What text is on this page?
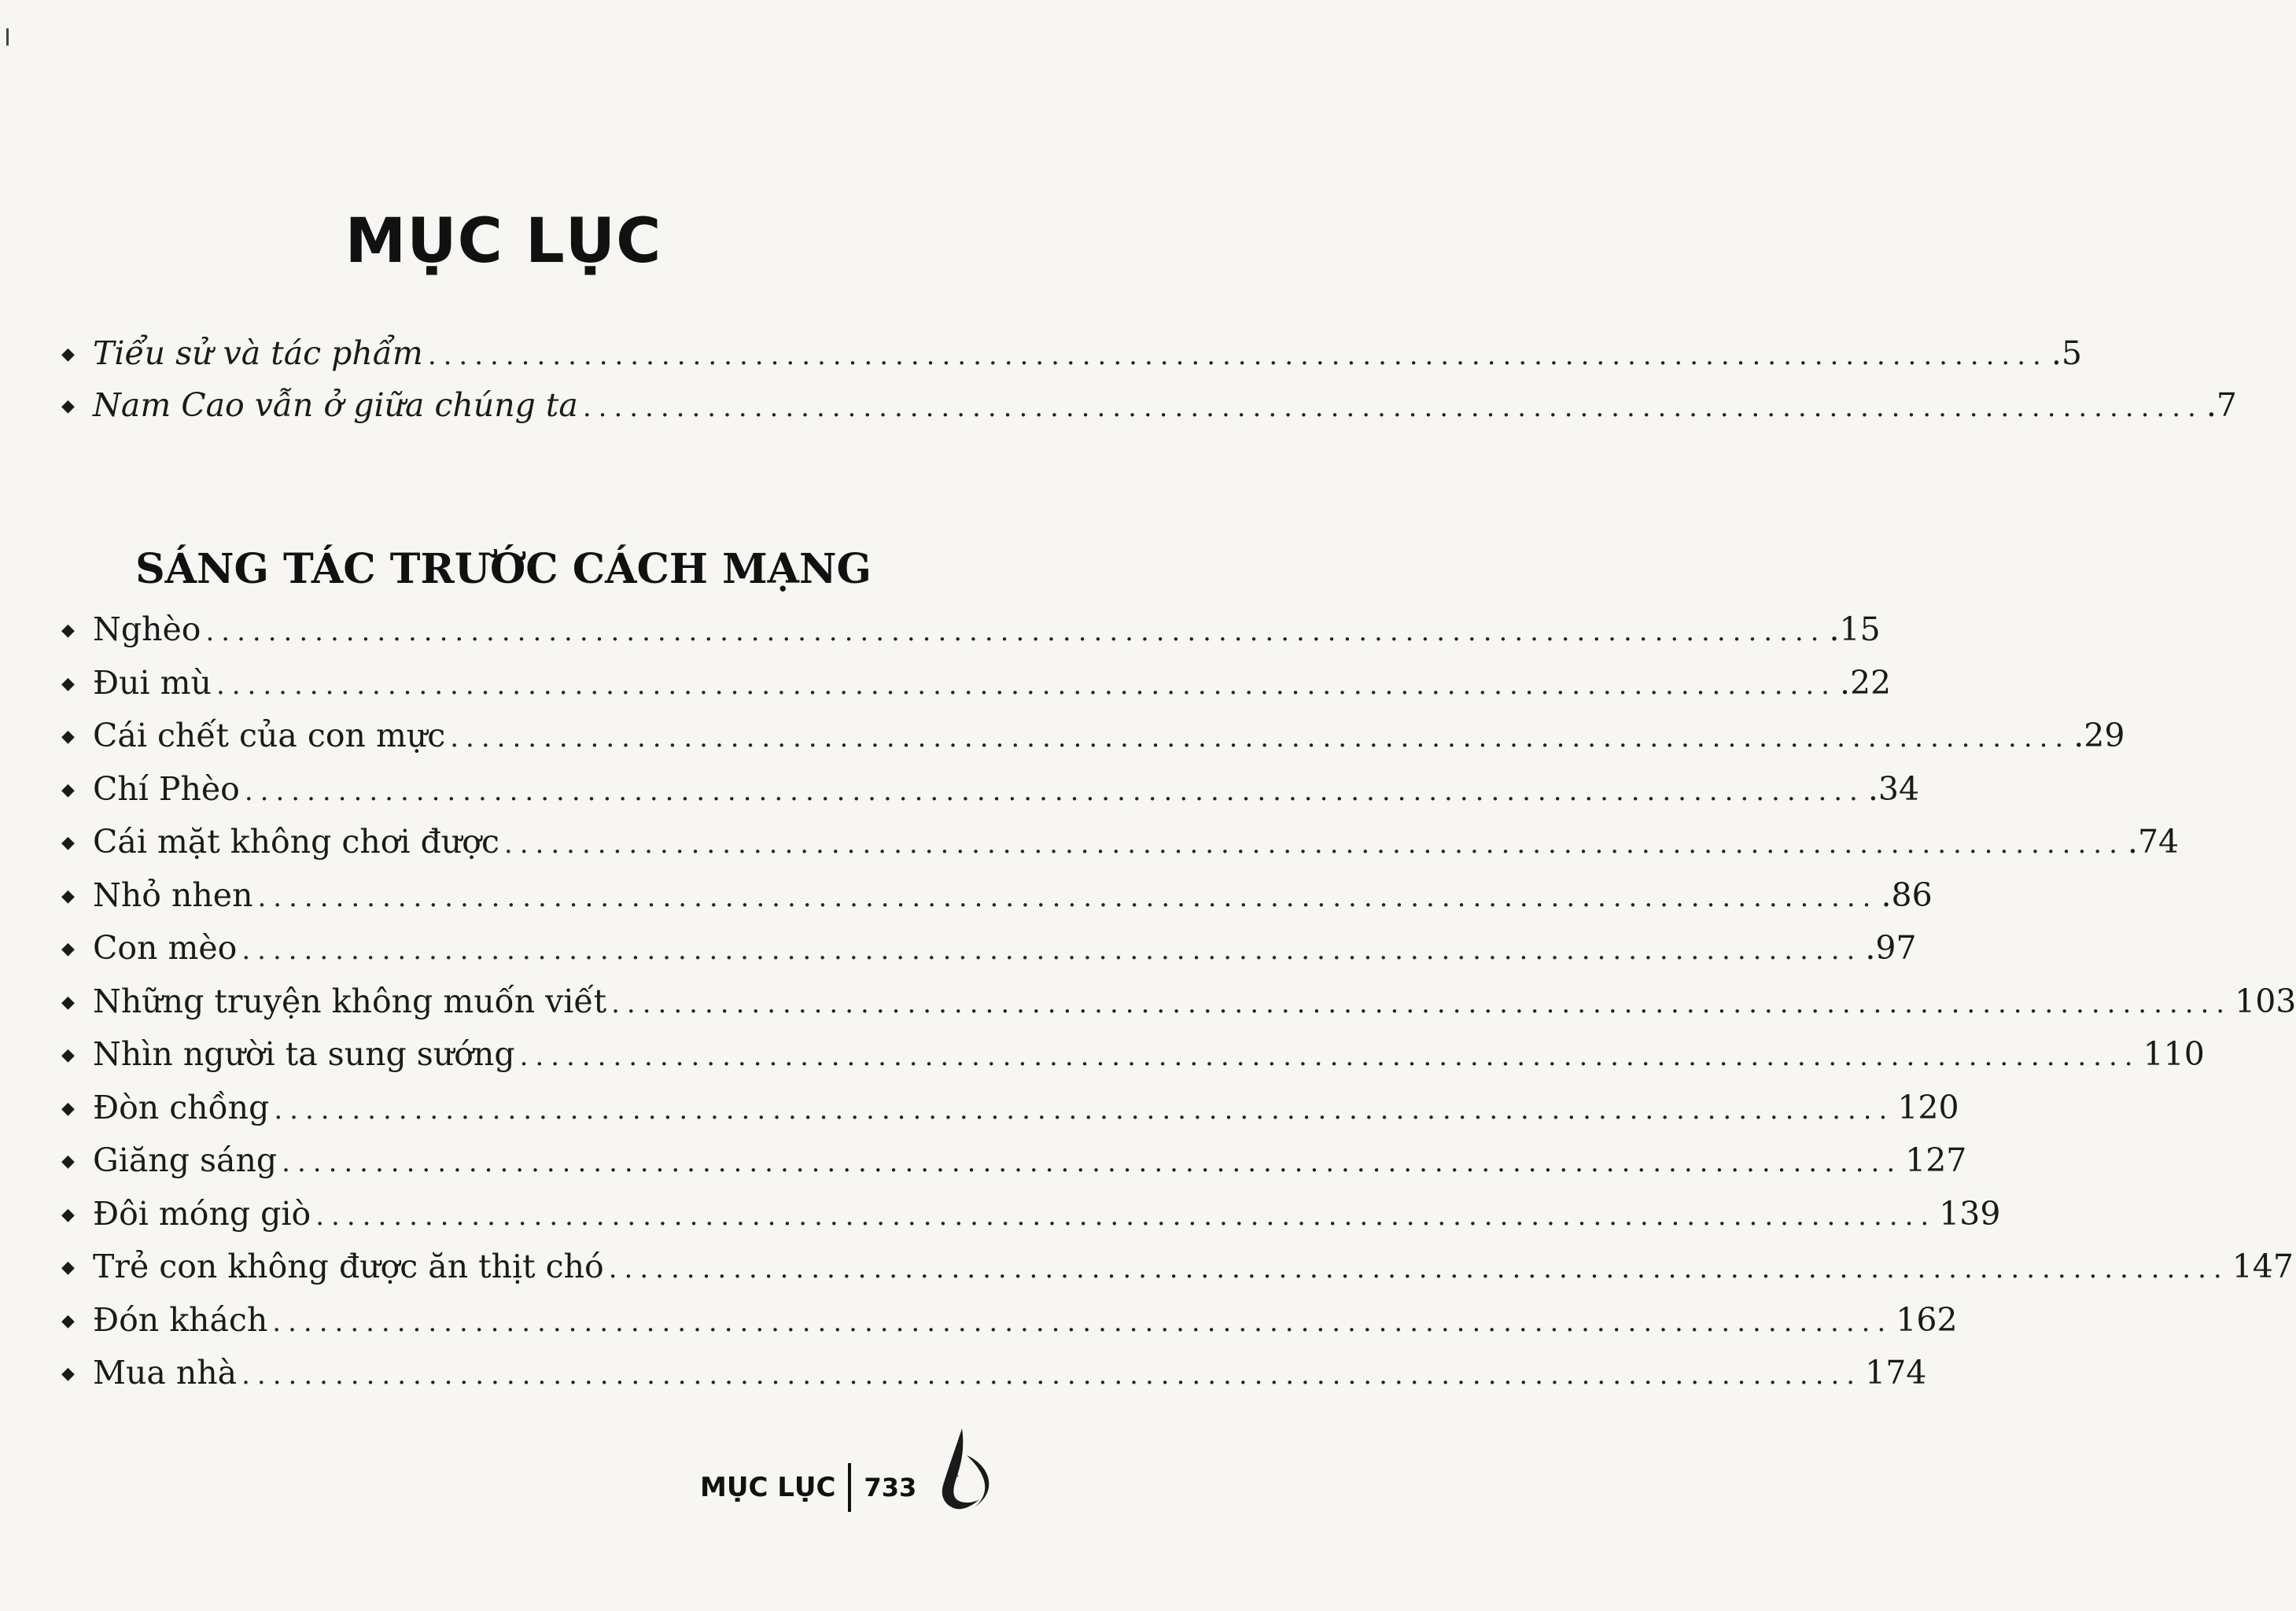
MỤC LỤC
◆ Tiểu sử và tác phẩm ........................................................................................................ .5
◆ Nam Cao vẫn ở giữa chúng ta ........................................................................................................ .7
SÁNG TÁC TRƯỚC CÁCH MẠNG
◆ Nghèo ........................................................................................................ .15
◆ Đui mù ........................................................................................................ .22
◆ Cái chết của con mực ........................................................................................................ .29
◆ Chí Phèo ........................................................................................................ .34
◆ Cái mặt không chơi được ........................................................................................................ .74
◆ Nhỏ nhen ........................................................................................................ .86
◆ Con mèo ........................................................................................................ .97
◆ Những truyện không muốn viết ........................................................................................................ 103
◆ Nhìn người ta sung sướng ........................................................................................................ 110
◆ Đòn chồng ........................................................................................................ 120
◆ Giăng sáng ........................................................................................................ 127
◆ Đôi móng giò ........................................................................................................ 139
◆ Trẻ con không được ăn thịt chó ........................................................................................................ 147
◆ Đón khách ........................................................................................................ 162
◆ Mua nhà ........................................................................................................ 174
MỤC LỤC 733
